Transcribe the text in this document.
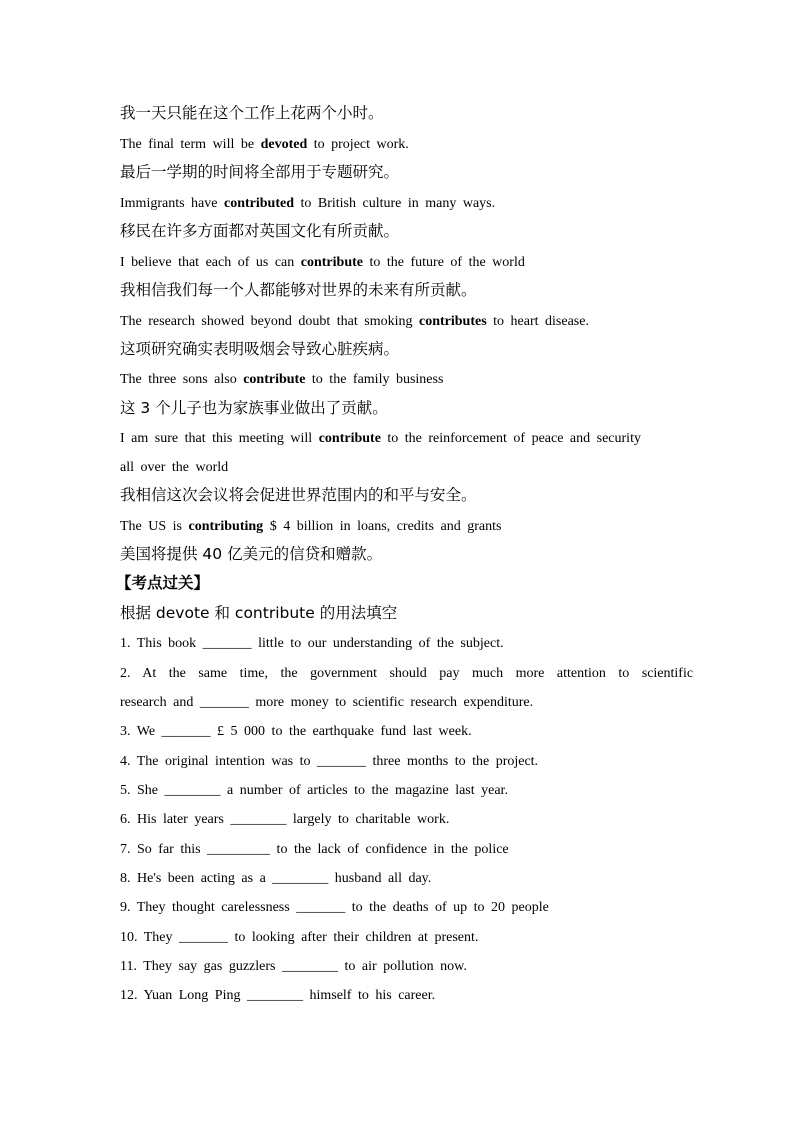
我一天只能在这个工作上花两个小时。
The final term will be devoted to project work.
最后一学期的时间将全部用于专题研究。
Immigrants have contributed to British culture in many ways.
移民在许多方面都对英国文化有所贡献。
I believe that each of us can contribute to the future of the world
我相信我们每一个人都能够对世界的未来有所贡献。
The research showed beyond doubt that smoking contributes to heart disease.
这项研究确实表明吸烟会导致心脏疾病。
The three sons also contribute to the family business
这 3 个儿子也为家族事业做出了贡献。
I am sure that this meeting will contribute to the reinforcement of peace and security
all over the world
我相信这次会议将会促进世界范围内的和平与安全。
The US is contributing $ 4 billion in loans, credits and grants
美国将提供 40 亿美元的信贷和赠款。
【考点过关】
根据 devote 和 contribute 的用法填空
1. This book _______ little to our understanding of the subject.
2. At the same time, the government should pay much more attention to scientific
research and _______ more money to scientific research expenditure.
3. We _______ £ 5 000 to the earthquake fund last week.
4. The original intention was to _______ three months to the project.
5. She ________ a number of articles to the magazine last year.
6. His later years ________ largely to charitable work.
7. So far this _________ to the lack of confidence in the police
8. He's been acting as a ________ husband all day.
9. They thought carelessness _______ to the deaths of up to 20 people
10. They _______ to looking after their children at present.
11. They say gas guzzlers ________ to air pollution now.
12. Yuan Long Ping ________ himself to his career.
